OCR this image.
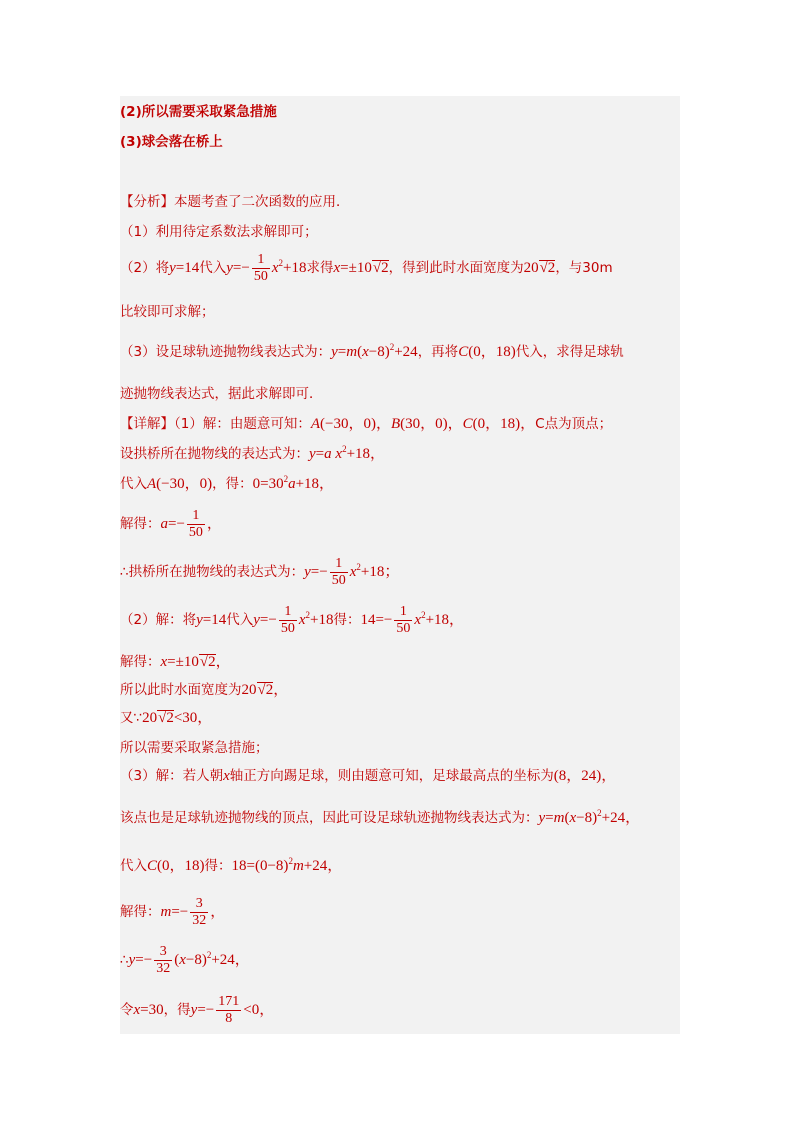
(2)所以需要采取紧急措施
(3)球会落在桥上
【分析】本题考查了二次函数的应用．
（1）利用待定系数法求解即可；
（2）将y=14代入$y=- \frac{1}{50} x^2+18$求得x=±10√2，得到此时水面宽度为20√2，与30m
比较即可求解；
（3）设足球轨迹抛物线表达式为：$y=m(x-8)^2+24$，再将C(0，18)代入，求得足球轨
迹抛物线表达式，据此求解即可．
【详解】（1）解：由题意可知：A(−30，0)，B(30，0)，C(0，18)，C点为顶点；
设拱桥所在抛物线的表达式为：y=a $x^2+18$，
代入A(−30，0)，得：$0=30^2a+18$，
解得：$a=- \frac{1}{50}$ ，
∴拱桥所在抛物线的表达式为：$y=- \frac{1}{50} x^2+18$；
（2）解：将y=14代入$y=- \frac{1}{50} x^2+18$得：$14=- \frac{1}{50} x^2+18$，
解得：x=±10√2，
所以此时水面宽度为20√2，
又∵20√2<30，
所以需要采取紧急措施；
（3）解：若人朝x轴正方向踢足球，则由题意可知，足球最高点的坐标为(8，24)，
该点也是足球轨迹抛物线的顶点，因此可设足球轨迹抛物线表达式为：$y=m(x-8)^2+24$，
代入C(0，18)得：$18=(0-8)^2m+24$，
解得：$m=- \frac{3}{32}$ ，
∴y=− $\frac{3}{32} (x-8)^2+24$，
令x=30，得$y=- \frac{171}{8} <0$，
